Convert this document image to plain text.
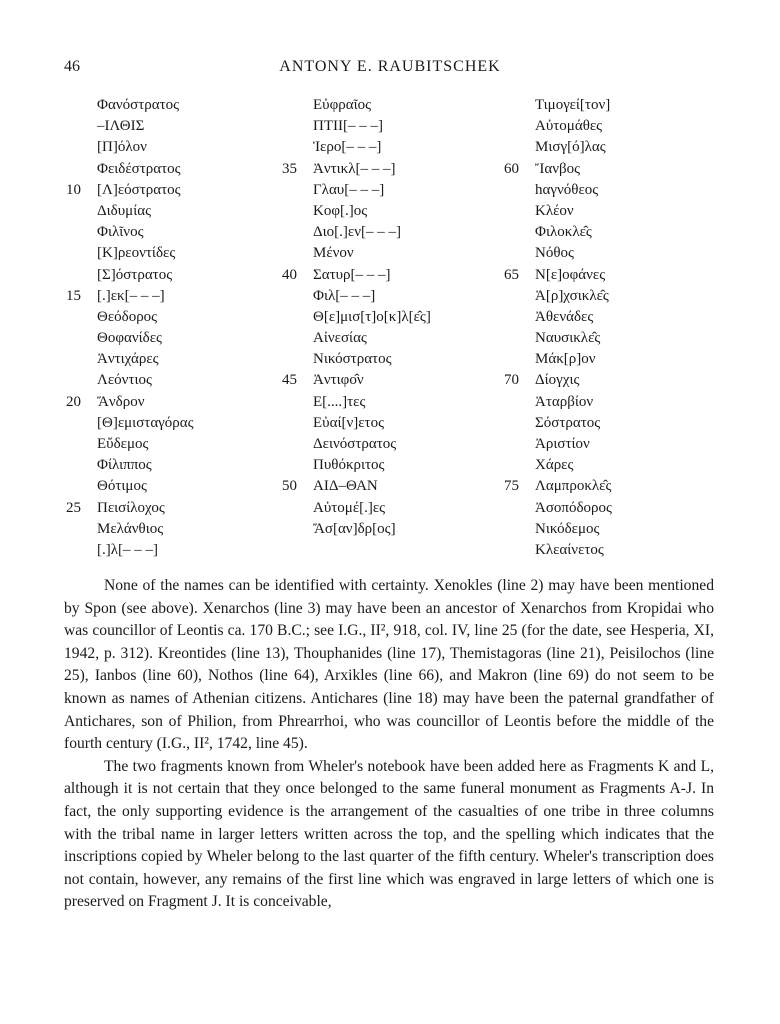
46	ANTONY E. RAUBITSCHEK
Φανόστρατος
–ΙΛΘΙΣ
[Π]όλον
Φειδέστρατος
10 [Λ]εόστρατος
Διδυμίας
Φιλῖνος
[Κ]ρεοντίδες
[Σ]όστρατος
15 [.]εκ[– – –]
Θεόδορος
Θοφανίδες
Ἀντιχάρες
Λεόντιος
20 Ἄνδρον
[Θ]εμισταγόρας
Εὔδεμος
Φίλιππος
Θότιμος
25 Πεισίλοχος
Μελάνθιος
[.]λ[– – –]
Εὐφραῖος
ΠΤΙΙ[– – –]
Ἱερο[– – –]
35 Ἀντικλ[– – –]
Γλαυ[– – –]
Κοφ[.]ος
Διο[.]εν[– – –]
Μένον
40 Σατυρ[– – –]
Φιλ[– – –]
Θ[ε]μισ[τ]ο[κ]λ[ε̂ς]
Αἰνεσίας
Νικόστρατος
45 Ἀντιφο̂ν
Ε[....]τες
Εὐαί[ν]ετος
Δεινόστρατος
Πυθόκριτος
50 ΑΙΔ–ΘΑΝ
Αὐτομέ[.]ες
Ἄσ[αν]δρ[ος]
Τιμογεί[τον]
Αὐτομάθες
Μισγ[ό]λας
60 Ἴανβος
hαγνόθεος
Κλέον
Φιλοκλε̂ς
Νόθος
65 Ν[ε]οφάνες
Ἀ[ρ]χσικλε̂ς
Ἀθενάδες
Ναυσικλε̂ς
Μάκ[ρ]ον
70 Δίογχις
Ἀταρβίον
Σόστρατος
Ἀριστίον
Χάρες
75 Λαμπροκλε̂ς
Ἀσοπόδορος
Νικόδεμος
Κλεαίνετος

None of the names can be identified with certainty. Xenokles (line 2) may have been mentioned by Spon (see above). Xenarchos (line 3) may have been an ancestor of Xenarchos from Kropidai who was councillor of Leontis ca. 170 B.C.; see I.G., II², 918, col. IV, line 25 (for the date, see Hesperia, XI, 1942, p. 312). Kreontides (line 13), Thouphanides (line 17), Themistagoras (line 21), Peisilochos (line 25), Ianbos (line 60), Nothos (line 64), Arxikles (line 66), and Makron (line 69) do not seem to be known as names of Athenian citizens. Antichares (line 18) may have been the paternal grandfather of Antichares, son of Philion, from Phrearrhoi, who was councillor of Leontis before the middle of the fourth century (I.G., II², 1742, line 45).

The two fragments known from Wheler's notebook have been added here as Fragments K and L, although it is not certain that they once belonged to the same funeral monument as Fragments A-J. In fact, the only supporting evidence is the arrangement of the casualties of one tribe in three columns with the tribal name in larger letters written across the top, and the spelling which indicates that the inscriptions copied by Wheler belong to the last quarter of the fifth century. Wheler's transcription does not contain, however, any remains of the first line which was engraved in large letters of which one is preserved on Fragment J. It is conceivable,
